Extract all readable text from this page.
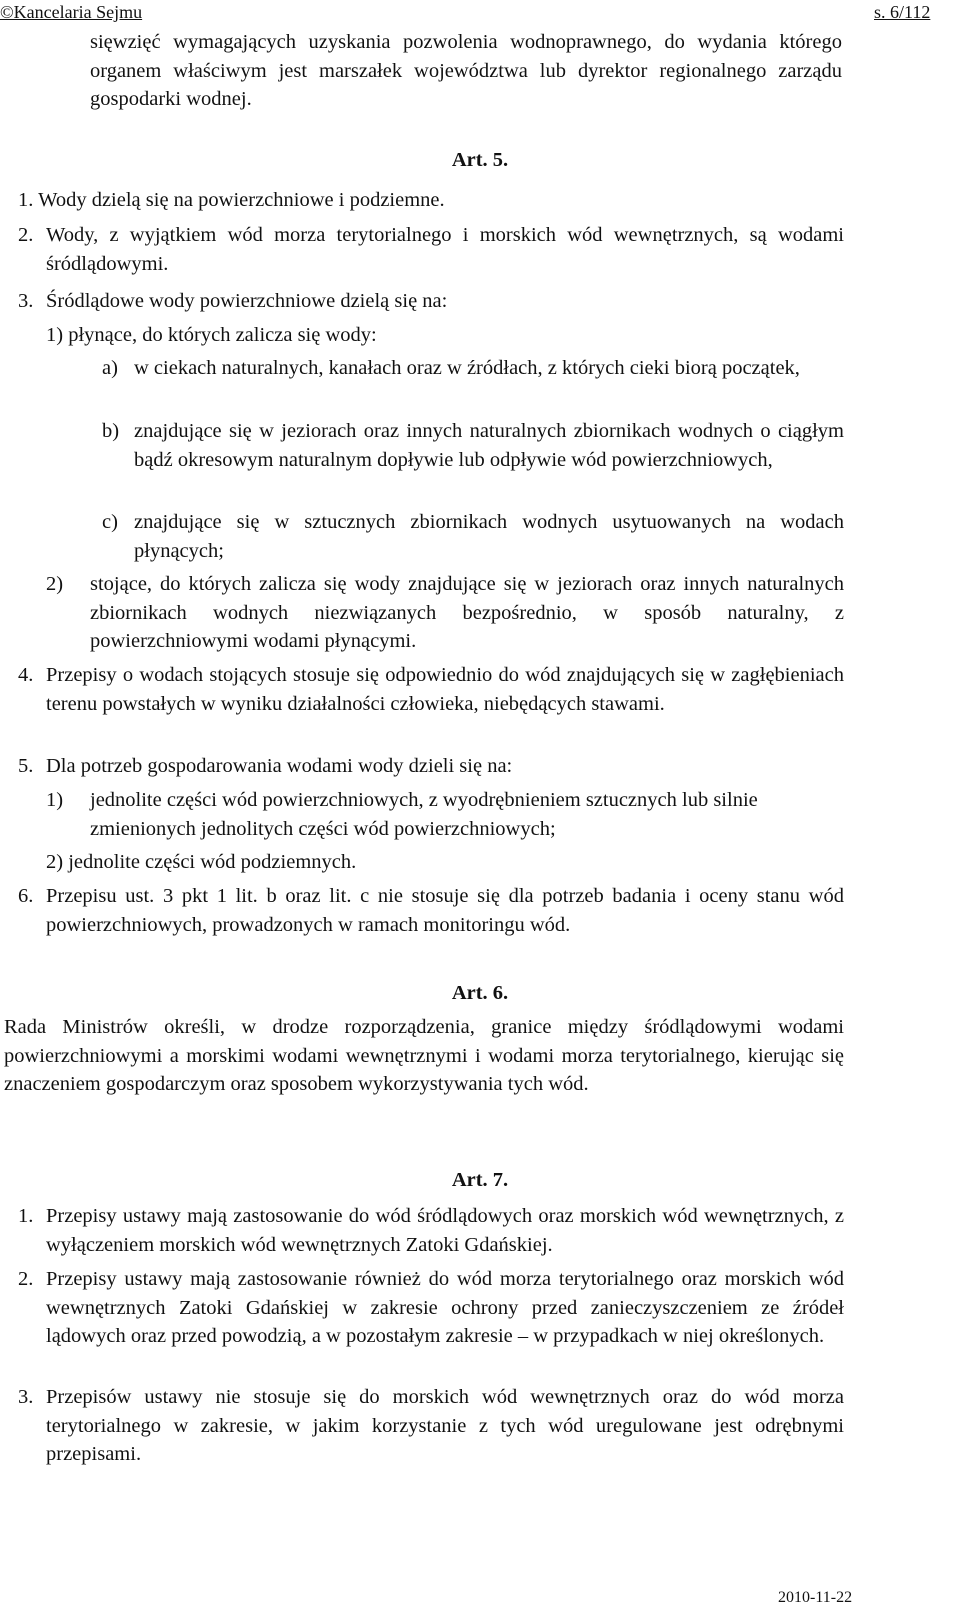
©Kancelaria Sejmu	s. 6/112

sięwzięć wymagających uzyskania pozwolenia wodnoprawnego, do wydania którego organem właściwym jest marszałek województwa lub dyrektor regionalnego zarządu gospodarki wodnej.

Art. 5.

1. Wody dzielą się na powierzchniowe i podziemne.

2. Wody, z wyjątkiem wód morza terytorialnego i morskich wód wewnętrznych, są wodami śródlądowymi.

3. Śródlądowe wody powierzchniowe dzielą się na:

1) płynące, do których zalicza się wody:

a) w ciekach naturalnych, kanałach oraz w źródłach, z których cieki biorą początek,

b) znajdujące się w jeziorach oraz innych naturalnych zbiornikach wodnych o ciągłym bądź okresowym naturalnym dopływie lub odpływie wód powierzchniowych,

c) znajdujące się w sztucznych zbiornikach wodnych usytuowanych na wodach płynących;

2) stojące, do których zalicza się wody znajdujące się w jeziorach oraz innych naturalnych zbiornikach wodnych niezwiązanych bezpośrednio, w sposób naturalny, z powierzchniowymi wodami płynącymi.

4. Przepisy o wodach stojących stosuje się odpowiednio do wód znajdujących się w zagłębieniach terenu powstałych w wyniku działalności człowieka, niebędących stawami.

5. Dla potrzeb gospodarowania wodami wody dzieli się na:

1) jednolite części wód powierzchniowych, z wyodrębnieniem sztucznych lub silnie zmienionych jednolitych części wód powierzchniowych;

2) jednolite części wód podziemnych.

6. Przepisu ust. 3 pkt 1 lit. b oraz lit. c nie stosuje się dla potrzeb badania i oceny stanu wód powierzchniowych, prowadzonych w ramach monitoringu wód.

Art. 6.

Rada Ministrów określi, w drodze rozporządzenia, granice między śródlądowymi wodami powierzchniowymi a morskimi wodami wewnętrznymi i wodami morza terytorialnego, kierując się znaczeniem gospodarczym oraz sposobem wykorzystywania tych wód.

Art. 7.
1. Przepisy ustawy mają zastosowanie do wód śródlądowych oraz morskich wód wewnętrznych, z wyłączeniem morskich wód wewnętrznych Zatoki Gdańskiej.

2. Przepisy ustawy mają zastosowanie również do wód morza terytorialnego oraz morskich wód wewnętrznych Zatoki Gdańskiej w zakresie ochrony przed zanieczyszczeniem ze źródeł lądowych oraz przed powodzią, a w pozostałym zakresie – w przypadkach w niej określonych.

3. Przepisów ustawy nie stosuje się do morskich wód wewnętrznych oraz do wód morza terytorialnego w zakresie, w jakim korzystanie z tych wód uregulowane jest odrębnymi przepisami.

2010-11-22
